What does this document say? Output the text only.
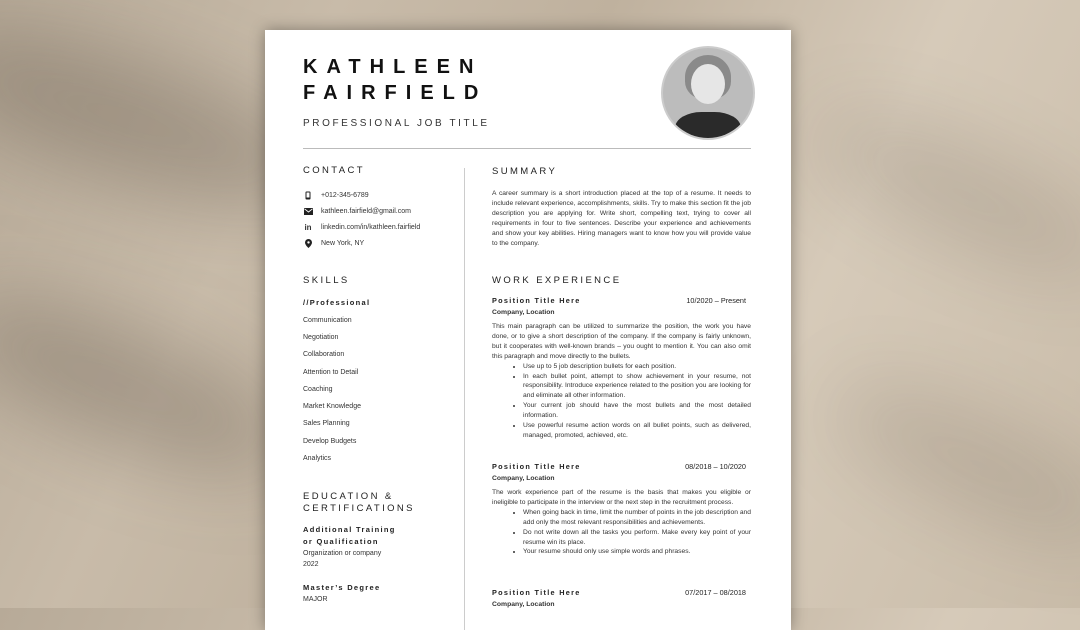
KATHLEEN
FAIRFIELD
PROFESSIONAL JOB TITLE
CONTACT
+012-345-6789
kathleen.fairfield@gmail.com
in linkedin.com/in/kathleen.fairfield
New York, NY
SKILLS
//Professional
Communication
Negotiation
Collaboration
Attention to Detail
Coaching
Market Knowledge
Sales Planning
Develop Budgets
Analytics
EDUCATION &
CERTIFICATIONS
Additional Training
or Qualification
Organization or company
2022
Master’s Degree
MAJOR
SUMMARY

A career summary is a short introduction placed at the top of a resume. It needs to include relevant experience, accomplishments, skills. Try to make this section fit the job description you are applying for. Write short, compelling text, trying to cover all requirements in four to five sentences. Describe your experience and achievements and show your key abilities. Hiring managers want to know how you will provide value to the company.

WORK EXPERIENCE
Position Title Here	10/2020 – Present
Company, Location

This main paragraph can be utilized to summarize the position, the work you have done, or to give a short description of the company. If the company is fairly unknown, but it cooperates with well-known brands – you ought to mention it. You can also omit this paragraph and move directly to the bullets.

• Use up to 5 job description bullets for each position.
• In each bullet point, attempt to show achievement in your resume, not responsibility. Introduce experience related to the position you are looking for and eliminate all other information.
• Your current job should have the most bullets and the most detailed information.
• Use powerful resume action words on all bullet points, such as delivered, managed, promoted, achieved, etc.
Position Title Here	08/2018 – 10/2020
Company, Location

The work experience part of the resume is the basis that makes you eligible or ineligible to participate in the interview or the next step in the recruitment process.

• When going back in time, limit the number of points in the job description and add only the most relevant responsibilities and achievements.
• Do not write down all the tasks you perform. Make every key point of your resume win its place.
• Your resume should only use simple words and phrases.
Position Title Here	07/2017 – 08/2018
Company, Location
